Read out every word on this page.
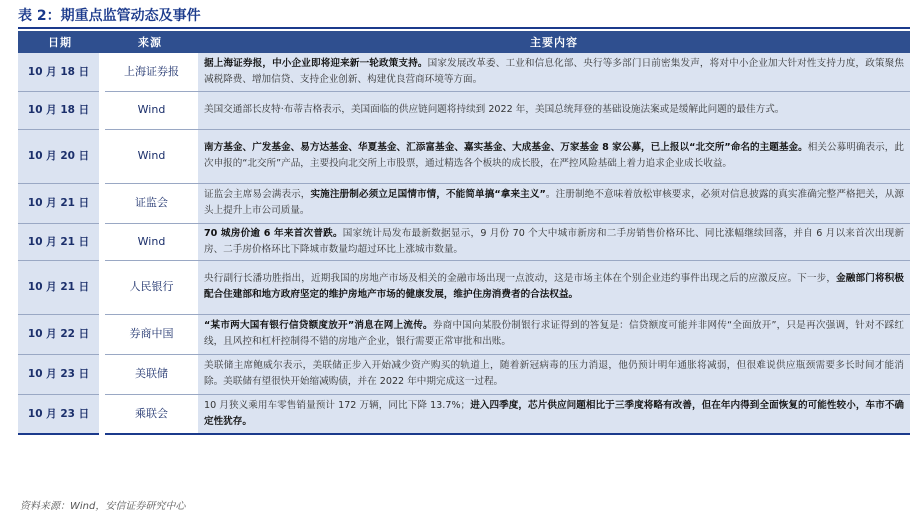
表 2：期重点监管动态及事件
日期	来源	主要内容
10 月 18 日	上海证券报	据上海证券报，中小企业即将迎来新一轮政策支持。国家发展改革委、工业和信息化部、央行等多部门日前密集发声，将对中小企业加大针对性支持力度，政策聚焦减税降费、增加信贷、支持企业创新、构建优良营商环境等方面。
10 月 18 日	Wind	美国交通部长皮特·布蒂吉格表示，美国面临的供应链问题将持续到 2022 年，美国总统拜登的基础设施法案或是缓解此问题的最佳方式。
10 月 20 日	Wind	南方基金、广发基金、易方达基金、华夏基金、汇添富基金、嘉实基金、大成基金、万家基金 8 家公募，已上报以“北交所”命名的主题基金。相关公募明确表示，此次申报的“北交所”产品，主要投向北交所上市股票，通过精选各个板块的成长股，在严控风险基础上着力追求企业成长收益。
10 月 21 日	证监会	证监会主席易会满表示，实施注册制必须立足国情市情，不能简单搞“拿来主义”。注册制绝不意味着放松审核要求，必须对信息披露的真实准确完整严格把关，从源头上提升上市公司质量。
10 月 21 日	Wind	70 城房价逾 6 年来首次普跌。国家统计局发布最新数据显示，9 月份 70 个大中城市新房和二手房销售价格环比、同比涨幅继续回落，并自 6 月以来首次出现新房、二手房价格环比下降城市数量均超过环比上涨城市数量。
10 月 21 日	人民银行	央行副行长潘功胜指出，近期我国的房地产市场及相关的金融市场出现一点波动，这是市场主体在个别企业违约事件出现之后的应激反应。下一步，金融部门将积极配合住建部和地方政府坚定的维护房地产市场的健康发展，维护住房消费者的合法权益。
10 月 22 日	券商中国	“某市两大国有银行信贷额度放开”消息在网上流传。券商中国向某股份制银行求证得到的答复是：信贷额度可能并非网传“全面放开”，只是再次强调，针对不踩红线，且风控和杠杆控制得不错的房地产企业，银行需要正常审批和出账。
10 月 23 日	美联储	美联储主席鲍威尔表示，美联储正步入开始减少资产购买的轨道上，随着新冠病毒的压力消退，他仍预计明年通胀将减弱，但很难说供应瓶颈需要多长时间才能消除。美联储有望很快开始缩减购债，并在 2022 年中期完成这一过程。
10 月 23 日	乘联会	10 月狭义乘用车零售销量预计 172 万辆，同比下降 13.7%；进入四季度，芯片供应问题相比于三季度将略有改善，但在年内得到全面恢复的可能性较小，车市不确定性犹存。
资料来源：Wind，安信证券研究中心
